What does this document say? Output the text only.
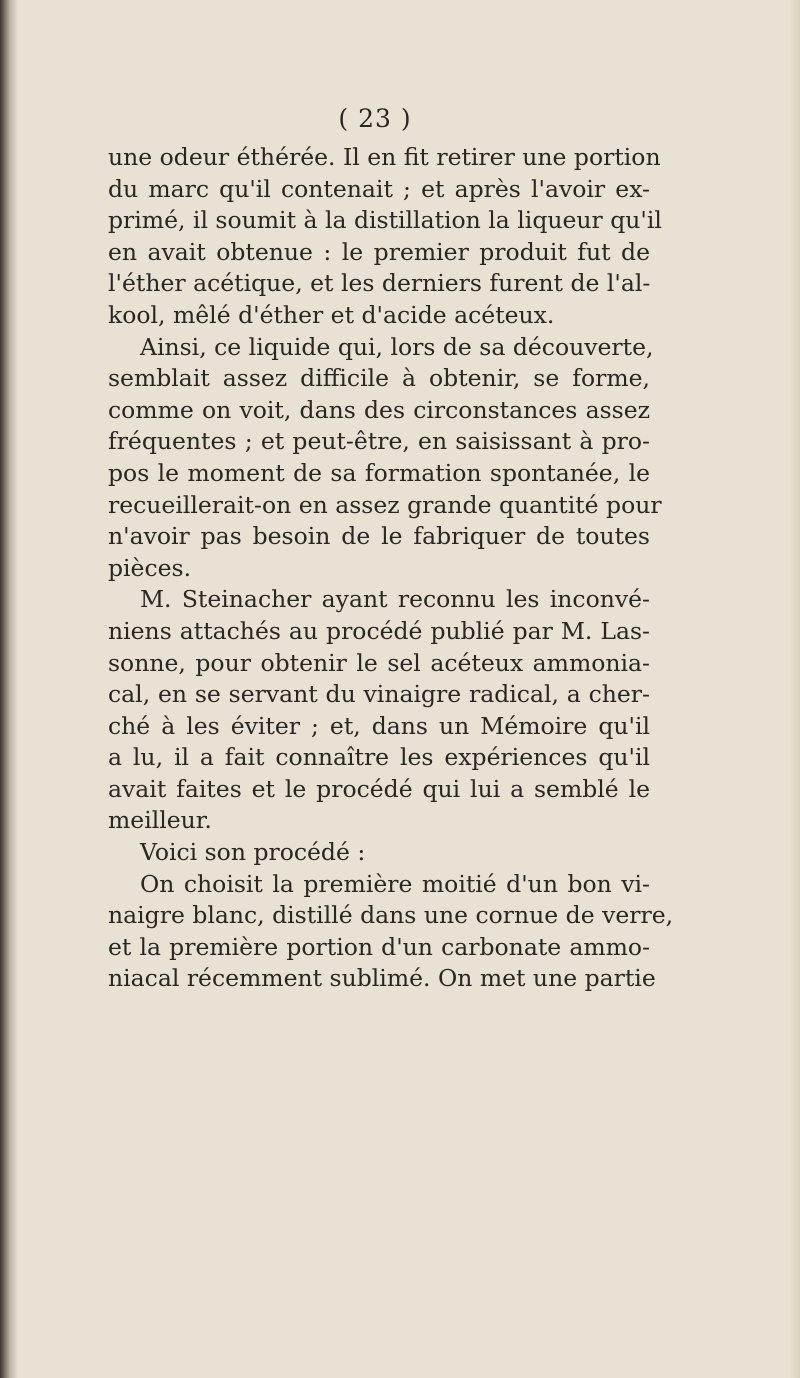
( 23 )
une odeur éthérée. Il en fit retirer une portion
du marc qu'il contenait ; et après l'avoir ex-
primé, il soumit à la distillation la liqueur qu'il
en avait obtenue : le premier produit fut de
l'éther acétique, et les derniers furent de l'al-
kool, mêlé d'éther et d'acide acéteux.
Ainsi, ce liquide qui, lors de sa découverte,
semblait assez difficile à obtenir, se forme,
comme on voit, dans des circonstances assez
fréquentes ; et peut-être, en saisissant à pro-
pos le moment de sa formation spontanée, le
recueillerait-on en assez grande quantité pour
n'avoir pas besoin de le fabriquer de toutes
pièces.
M. Steinacher ayant reconnu les inconvé-
niens attachés au procédé publié par M. Las-
sonne, pour obtenir le sel acéteux ammonia-
cal, en se servant du vinaigre radical, a cher-
ché à les éviter ; et, dans un Mémoire qu'il
a lu, il a fait connaître les expériences qu'il
avait faites et le procédé qui lui a semblé le
meilleur.
Voici son procédé :
On choisit la première moitié d'un bon vi-
naigre blanc, distillé dans une cornue de verre,
et la première portion d'un carbonate ammo-
niacal récemment sublimé. On met une partie
